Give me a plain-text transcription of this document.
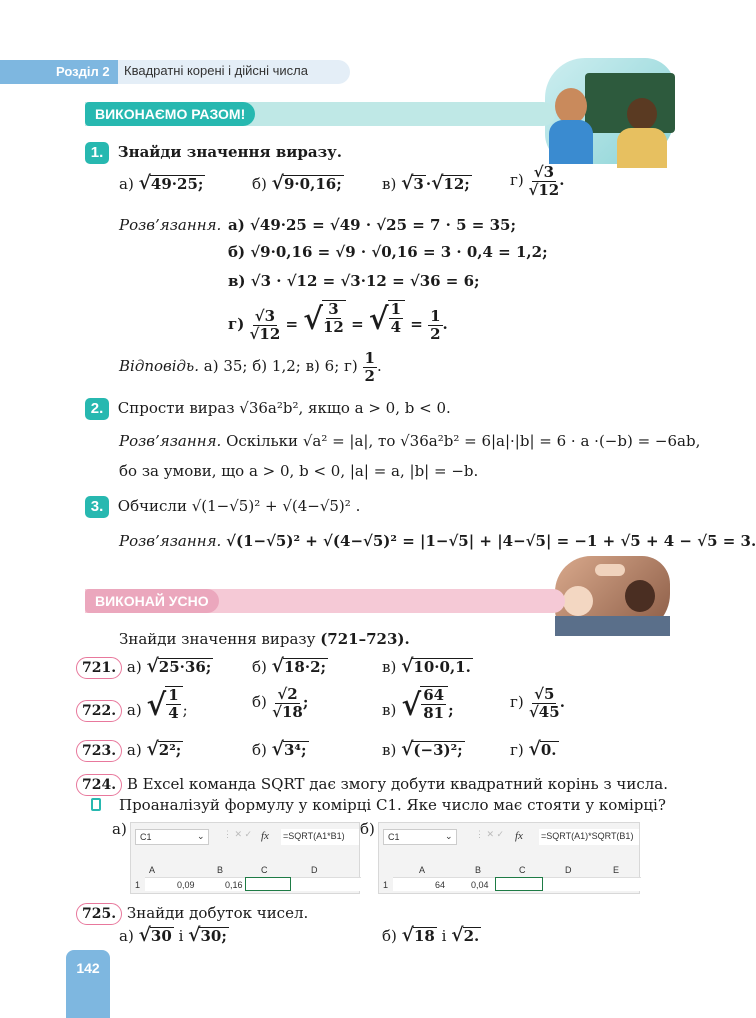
Розділ 2	Квадратні корені і дійсні числа
ВИКОНАЄМО РАЗОМ!
1. Знайди значення виразу.
а) √ 49·25;	б) √ 9·0,16;	в) √ 3 · √ 12;	$г) \frac{√3}{√12}$ .
Розв’язання. а) √49·25 = √49 · √25 = 7 · 5 = 35;
б) √9·0,16 = √9 · √0,16 = 3 · 0,4 = 1,2;
в) √3 · √12 = √3·12 = √36 = 6;
$г) \frac{√3}{√12}$ = √ $\frac{3}{12}$ = √ $\frac{1}{4} = \frac{1}{2}$ .
Відповідь. а) 35; б) 1,2; в) 6; $г) \frac{1}{2}$ .
2. Спрости вираз √36a²b², якщо a > 0, b < 0.
Розв’язання. Оскільки √a² = |a|, то √36a²b² = 6|a|·|b| = 6 · a ·(−b) = −6ab,
бо за умови, що a > 0, b < 0, |a| = a, |b| = −b.
3. Обчисли √(1−√5)² + √(4−√5)² .
Розв’язання. √(1−√5)² + √(4−√5)² = |1−√5| + |4−√5| = −1 + √5 + 4 − √5 = 3.
ВИКОНАЙ УСНО
Знайди значення виразу (721–723).
721. а) √ 25·36;	б) √ 18·2;	в) √ 10·0,1.
722. а) √ $\frac{1}{4}$ ;	$б) \frac{√2}{√18}$ ;	в) √ $\frac{64}{81}$ ;	$г) \frac{√5}{√45}$ .
723. а) √ 2²;	б) √ 3⁴;	в) √ (−3)²;	г) √ 0.
724. В Excel команда SQRT дає змогу добути квадратний корінь з числа.
Проаналізуй формулу у комірці C1. Яке число має стояти у комірці?
а)	б)
C1	⌄	fx =SQRT(A1*B1)
⋮ ✕ ✓
A	B	C	D
1	0,09	0,16
C1	⌄	fx =SQRT(A1)*SQRT(B1)
⋮ ✕ ✓
A	B	C	D	E
1	64	0,04
725. Знайди добуток чисел.
а) √ 30 і √ 30;	б) √ 18 і √ 2.
142
